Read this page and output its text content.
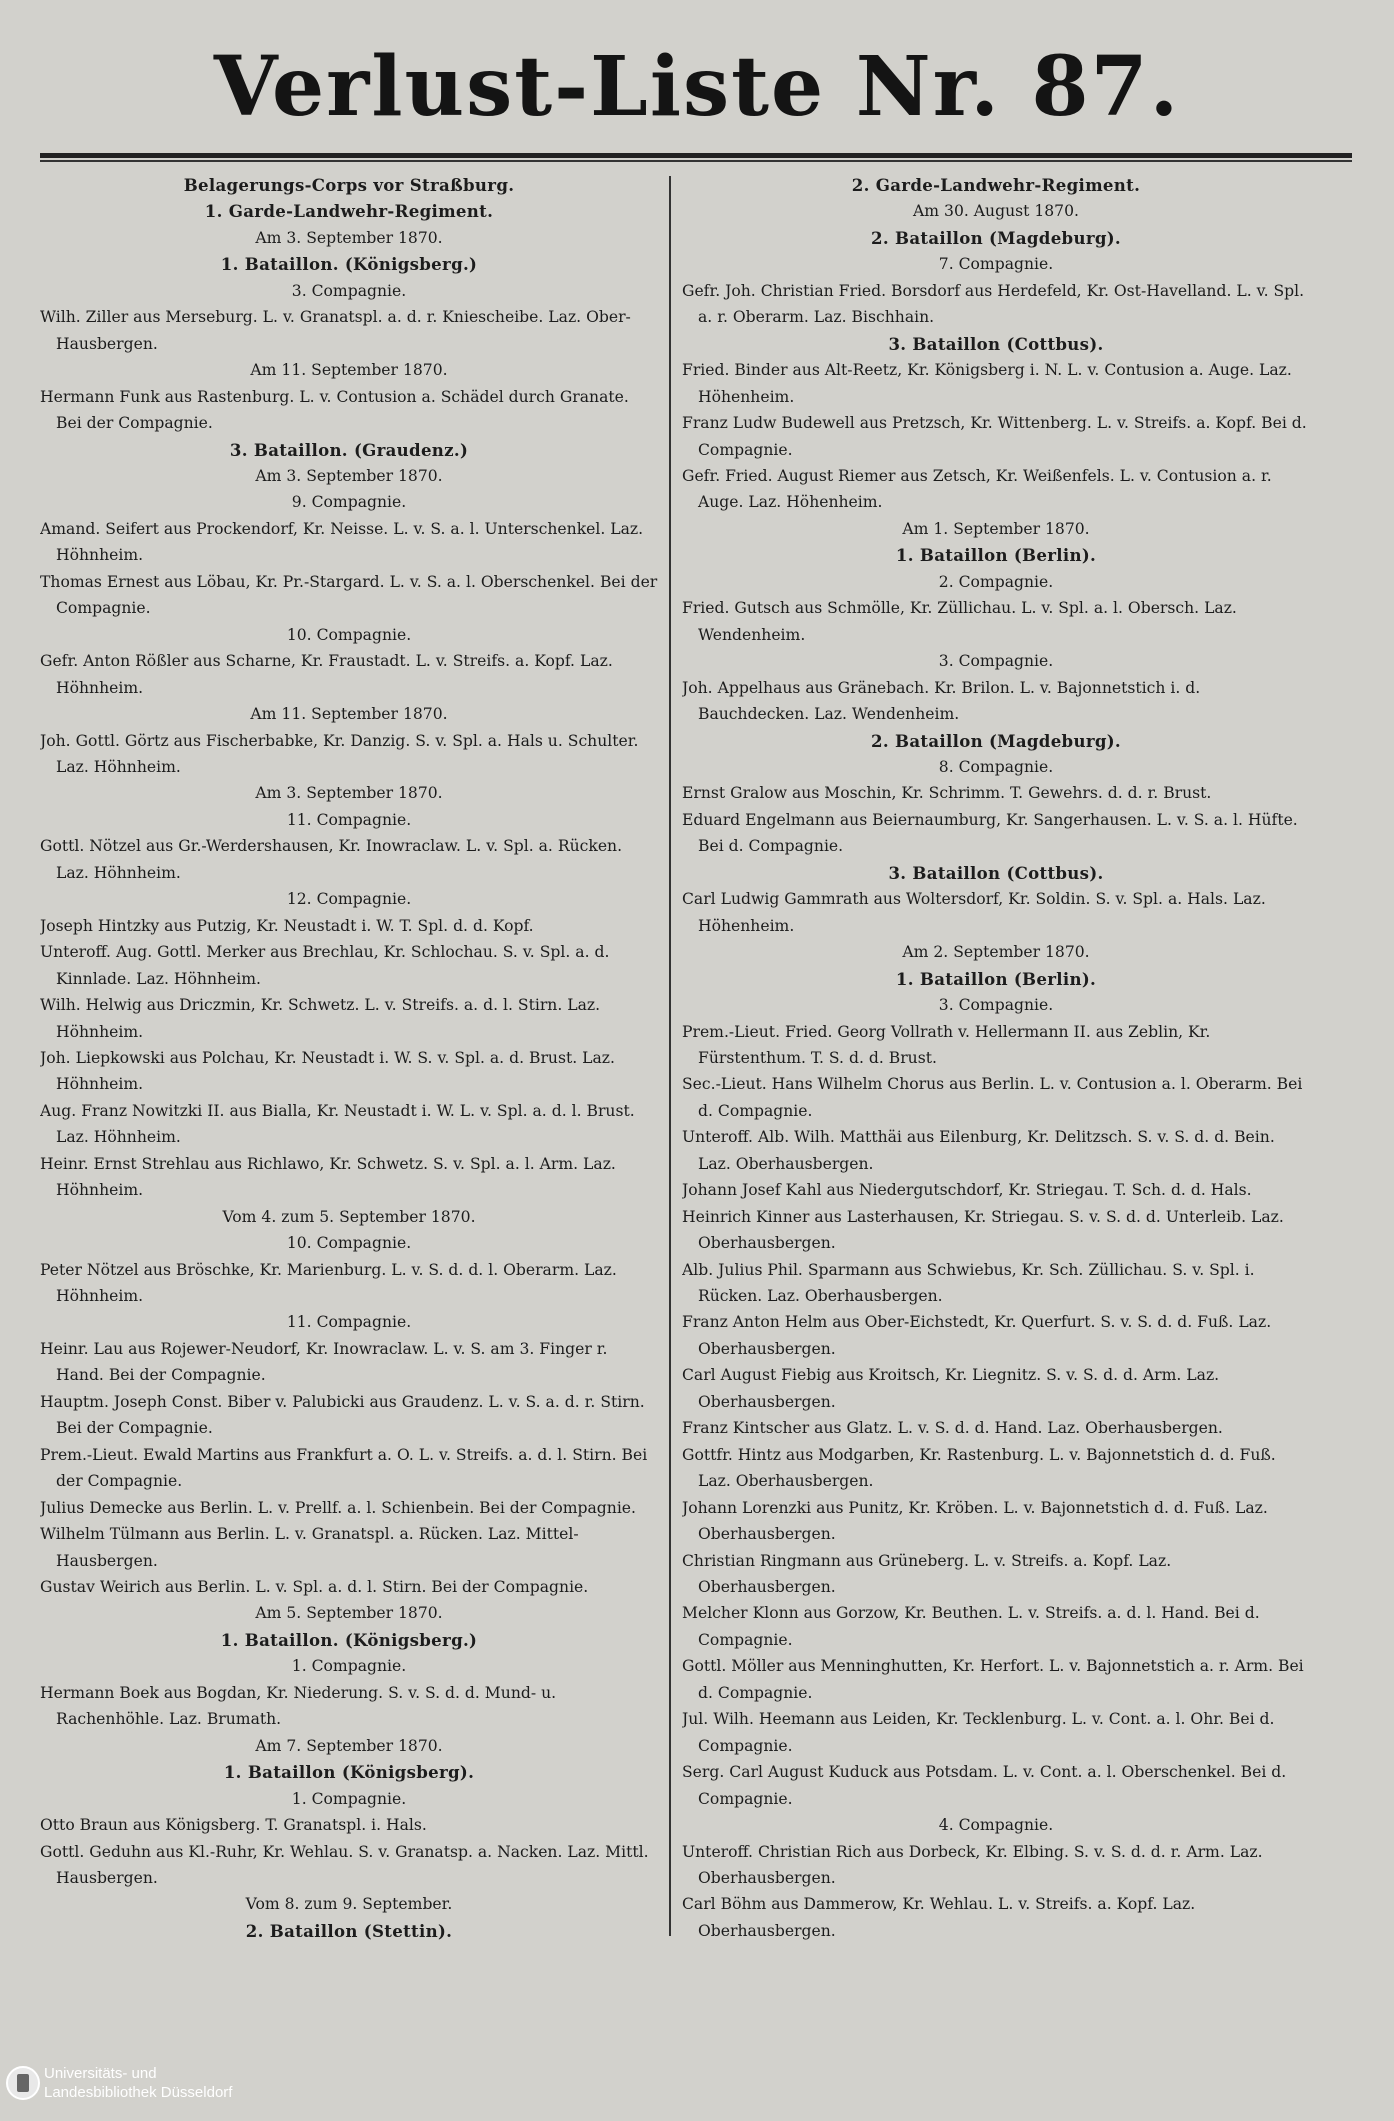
Verlust-Liste Nr. 87.
Belagerungs-Corps vor Straßburg.
1. Garde-Landwehr-Regiment.
Am 3. September 1870.
1. Bataillon. (Königsberg.)
3. Compagnie.
Wilh. Ziller aus Merseburg. L. v. Granatspl. a. d. r. Kniescheibe. Laz. Ober-Hausbergen.
Am 11. September 1870.
Hermann Funk aus Rastenburg. L. v. Contusion a. Schädel durch Granate. Bei der Compagnie.
3. Bataillon. (Graudenz.)
Am 3. September 1870.
9. Compagnie.
Amand. Seifert aus Prockendorf, Kr. Neisse. L. v. S. a. l. Unterschenkel. Laz. Höhnheim.
Thomas Ernest aus Löbau, Kr. Pr.-Stargard. L. v. S. a. l. Oberschenkel. Bei der Compagnie.
10. Compagnie.
Gefr. Anton Rößler aus Scharne, Kr. Fraustadt. L. v. Streifs. a. Kopf. Laz. Höhnheim.
Am 11. September 1870.
Joh. Gottl. Görtz aus Fischerbabke, Kr. Danzig. S. v. Spl. a. Hals u. Schulter. Laz. Höhnheim.
Am 3. September 1870.
11. Compagnie.
Gottl. Nötzel aus Gr.-Werdershausen, Kr. Inowraclaw. L. v. Spl. a. Rücken. Laz. Höhnheim.
12. Compagnie.
Joseph Hintzky aus Putzig, Kr. Neustadt i. W. T. Spl. d. d. Kopf.
Unteroff. Aug. Gottl. Merker aus Brechlau, Kr. Schlochau. S. v. Spl. a. d. Kinnlade. Laz. Höhnheim.
Wilh. Helwig aus Driczmin, Kr. Schwetz. L. v. Streifs. a. d. l. Stirn. Laz. Höhnheim.
Joh. Liepkowski aus Polchau, Kr. Neustadt i. W. S. v. Spl. a. d. Brust. Laz. Höhnheim.
Aug. Franz Nowitzki II. aus Bialla, Kr. Neustadt i. W. L. v. Spl. a. d. l. Brust. Laz. Höhnheim.
Heinr. Ernst Strehlau aus Richlawo, Kr. Schwetz. S. v. Spl. a. l. Arm. Laz. Höhnheim.
Vom 4. zum 5. September 1870.
10. Compagnie.
Peter Nötzel aus Bröschke, Kr. Marienburg. L. v. S. d. d. l. Oberarm. Laz. Höhnheim.
11. Compagnie.
Heinr. Lau aus Rojewer-Neudorf, Kr. Inowraclaw. L. v. S. am 3. Finger r. Hand. Bei der Compagnie.
Hauptm. Joseph Const. Biber v. Palubicki aus Graudenz. L. v. S. a. d. r. Stirn. Bei der Compagnie.
Prem.-Lieut. Ewald Martins aus Frankfurt a. O. L. v. Streifs. a. d. l. Stirn. Bei der Compagnie.
Julius Demecke aus Berlin. L. v. Prellf. a. l. Schienbein. Bei der Compagnie.
Wilhelm Tülmann aus Berlin. L. v. Granatspl. a. Rücken. Laz. Mittel-Hausbergen.
Gustav Weirich aus Berlin. L. v. Spl. a. d. l. Stirn. Bei der Compagnie.
Am 5. September 1870.
1. Bataillon. (Königsberg.)
1. Compagnie.
Hermann Boek aus Bogdan, Kr. Niederung. S. v. S. d. d. Mund- u. Rachenhöhle. Laz. Brumath.
Am 7. September 1870.
1. Bataillon (Königsberg).
1. Compagnie.
Otto Braun aus Königsberg. T. Granatspl. i. Hals.
Gottl. Geduhn aus Kl.-Ruhr, Kr. Wehlau. S. v. Granatsp. a. Nacken. Laz. Mittl. Hausbergen.
Vom 8. zum 9. September.
2. Bataillon (Stettin).
2. Garde-Landwehr-Regiment.
Am 30. August 1870.
2. Bataillon (Magdeburg).
7. Compagnie.
Gefr. Joh. Christian Fried. Borsdorf aus Herdefeld, Kr. Ost-Havelland. L. v. Spl. a. r. Oberarm. Laz. Bischhain.
3. Bataillon (Cottbus).
Fried. Binder aus Alt-Reetz, Kr. Königsberg i. N. L. v. Contusion a. Auge. Laz. Höhenheim.
Franz Ludw Budewell aus Pretzsch, Kr. Wittenberg. L. v. Streifs. a. Kopf. Bei d. Compagnie.
Gefr. Fried. August Riemer aus Zetsch, Kr. Weißenfels. L. v. Contusion a. r. Auge. Laz. Höhenheim.
Am 1. September 1870.
1. Bataillon (Berlin).
2. Compagnie.
Fried. Gutsch aus Schmölle, Kr. Züllichau. L. v. Spl. a. l. Obersch. Laz. Wendenheim.
3. Compagnie.
Joh. Appelhaus aus Gränebach. Kr. Brilon. L. v. Bajonnetstich i. d. Bauchdecken. Laz. Wendenheim.
2. Bataillon (Magdeburg).
8. Compagnie.
Ernst Gralow aus Moschin, Kr. Schrimm. T. Gewehrs. d. d. r. Brust.
Eduard Engelmann aus Beiernaumburg, Kr. Sangerhausen. L. v. S. a. l. Hüfte. Bei d. Compagnie.
3. Bataillon (Cottbus).
Carl Ludwig Gammrath aus Woltersdorf, Kr. Soldin. S. v. Spl. a. Hals. Laz. Höhenheim.
Am 2. September 1870.
1. Bataillon (Berlin).
3. Compagnie.
Prem.-Lieut. Fried. Georg Vollrath v. Hellermann II. aus Zeblin, Kr. Fürstenthum. T. S. d. d. Brust.
Sec.-Lieut. Hans Wilhelm Chorus aus Berlin. L. v. Contusion a. l. Oberarm. Bei d. Compagnie.
Unteroff. Alb. Wilh. Matthäi aus Eilenburg, Kr. Delitzsch. S. v. S. d. d. Bein. Laz. Oberhausbergen.
Johann Josef Kahl aus Niedergutschdorf, Kr. Striegau. T. Sch. d. d. Hals.
Heinrich Kinner aus Lasterhausen, Kr. Striegau. S. v. S. d. d. Unterleib. Laz. Oberhausbergen.
Alb. Julius Phil. Sparmann aus Schwiebus, Kr. Sch. Züllichau. S. v. Spl. i. Rücken. Laz. Oberhausbergen.
Franz Anton Helm aus Ober-Eichstedt, Kr. Querfurt. S. v. S. d. d. Fuß. Laz. Oberhausbergen.
Carl August Fiebig aus Kroitsch, Kr. Liegnitz. S. v. S. d. d. Arm. Laz. Oberhausbergen.
Franz Kintscher aus Glatz. L. v. S. d. d. Hand. Laz. Oberhausbergen.
Gottfr. Hintz aus Modgarben, Kr. Rastenburg. L. v. Bajonnetstich d. d. Fuß. Laz. Oberhausbergen.
Johann Lorenzki aus Punitz, Kr. Kröben. L. v. Bajonnetstich d. d. Fuß. Laz. Oberhausbergen.
Christian Ringmann aus Grüneberg. L. v. Streifs. a. Kopf. Laz. Oberhausbergen.
Melcher Klonn aus Gorzow, Kr. Beuthen. L. v. Streifs. a. d. l. Hand. Bei d. Compagnie.
Gottl. Möller aus Menninghutten, Kr. Herfort. L. v. Bajonnetstich a. r. Arm. Bei d. Compagnie.
Jul. Wilh. Heemann aus Leiden, Kr. Tecklenburg. L. v. Cont. a. l. Ohr. Bei d. Compagnie.
Serg. Carl August Kuduck aus Potsdam. L. v. Cont. a. l. Oberschenkel. Bei d. Compagnie.
4. Compagnie.
Unteroff. Christian Rich aus Dorbeck, Kr. Elbing. S. v. S. d. d. r. Arm. Laz. Oberhausbergen.
Carl Böhm aus Dammerow, Kr. Wehlau. L. v. Streifs. a. Kopf. Laz. Oberhausbergen.
Universitäts- und
Landesbibliothek Düsseldorf
